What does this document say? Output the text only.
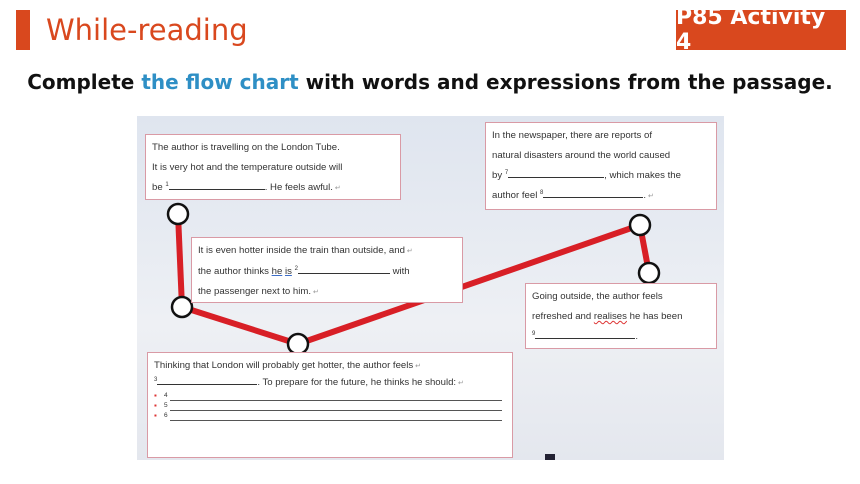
While-reading	P85 Activity 4
Complete the flow chart with words and expressions from the passage.
The author is travelling on the London Tube.
It is very hot and the temperature outside will
be $^1$	. He feels awful. ↵
In the newspaper, there are reports of
natural disasters around the world caused
by $^7$	, which makes the
author feel $^8$	. ↵
It is even hotter inside the train than outside, and ↵
the author thinks he is $^2$	with
the passenger next to him. ↵	Going outside, the author feels
refreshed and realises he has been
$^9$	.
Thinking that London will probably get hotter, the author feels ↵
$^3$	. To prepare for the future, he thinks he should: ↵
▪	4
▪	5
▪	6
